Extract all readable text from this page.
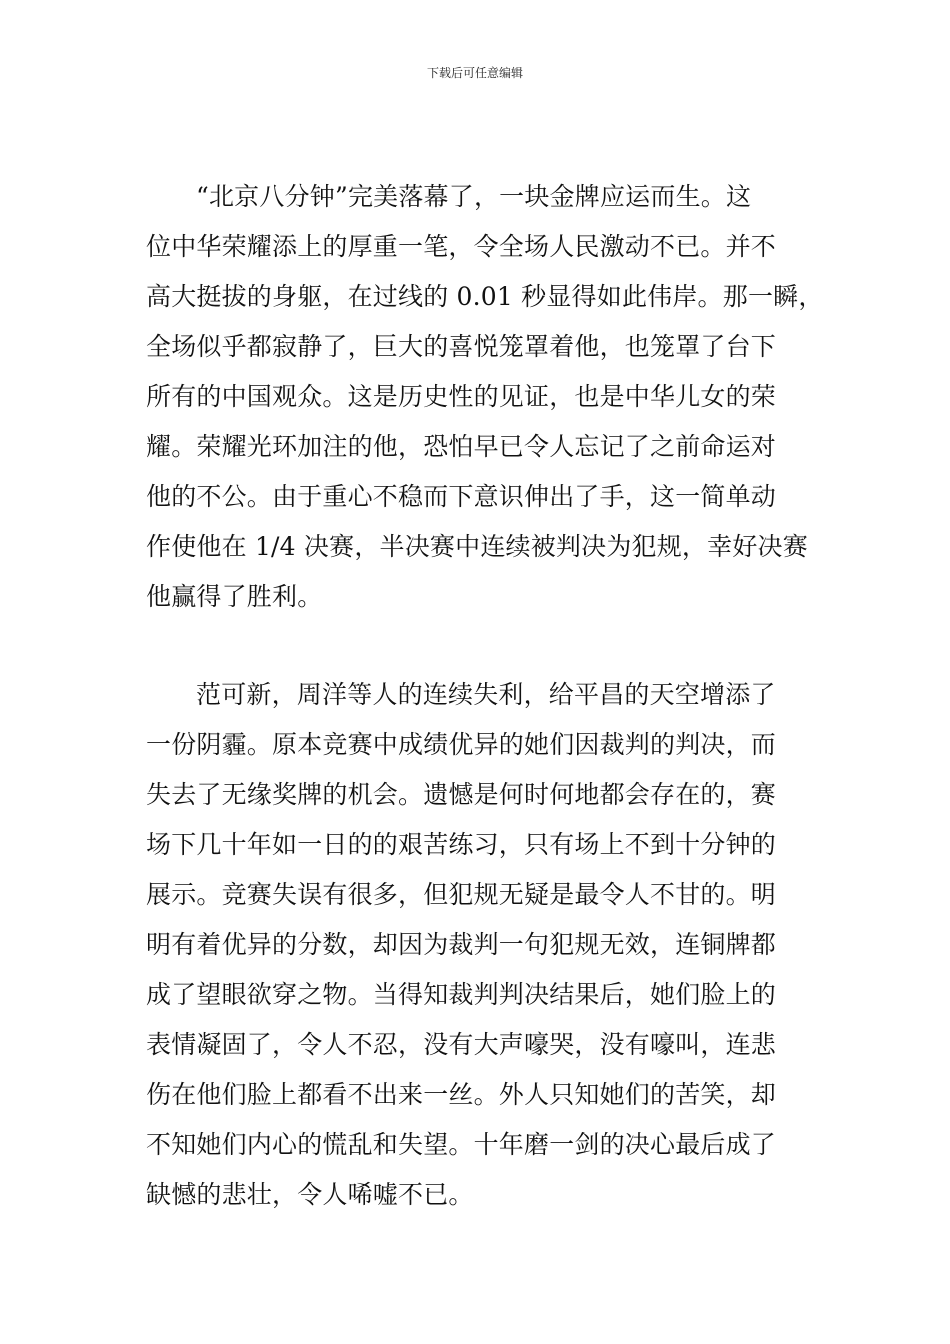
下载后可任意编辑
“北京八分钟”完美落幕了，一块金牌应运而生。这
位中华荣耀添上的厚重一笔，令全场人民激动不已。并不
高大挺拔的身躯，在过线的 0.01 秒显得如此伟岸。那一瞬，
全场似乎都寂静了，巨大的喜悦笼罩着他，也笼罩了台下
所有的中国观众。这是历史性的见证，也是中华儿女的荣
耀。荣耀光环加注的他，恐怕早已令人忘记了之前命运对
他的不公。由于重心不稳而下意识伸出了手，这一简单动
作使他在 1/4 决赛，半决赛中连续被判决为犯规，幸好决赛
他赢得了胜利。
范可新，周洋等人的连续失利，给平昌的天空增添了
一份阴霾。原本竞赛中成绩优异的她们因裁判的判决，而
失去了无缘奖牌的机会。遗憾是何时何地都会存在的，赛
场下几十年如一日的的艰苦练习，只有场上不到十分钟的
展示。竞赛失误有很多，但犯规无疑是最令人不甘的。明
明有着优异的分数，却因为裁判一句犯规无效，连铜牌都
成了望眼欲穿之物。当得知裁判判决结果后，她们脸上的
表情凝固了，令人不忍，没有大声嚎哭，没有嚎叫，连悲
伤在他们脸上都看不出来一丝。外人只知她们的苦笑，却
不知她们内心的慌乱和失望。十年磨一剑的决心最后成了
缺憾的悲壮，令人唏嘘不已。
